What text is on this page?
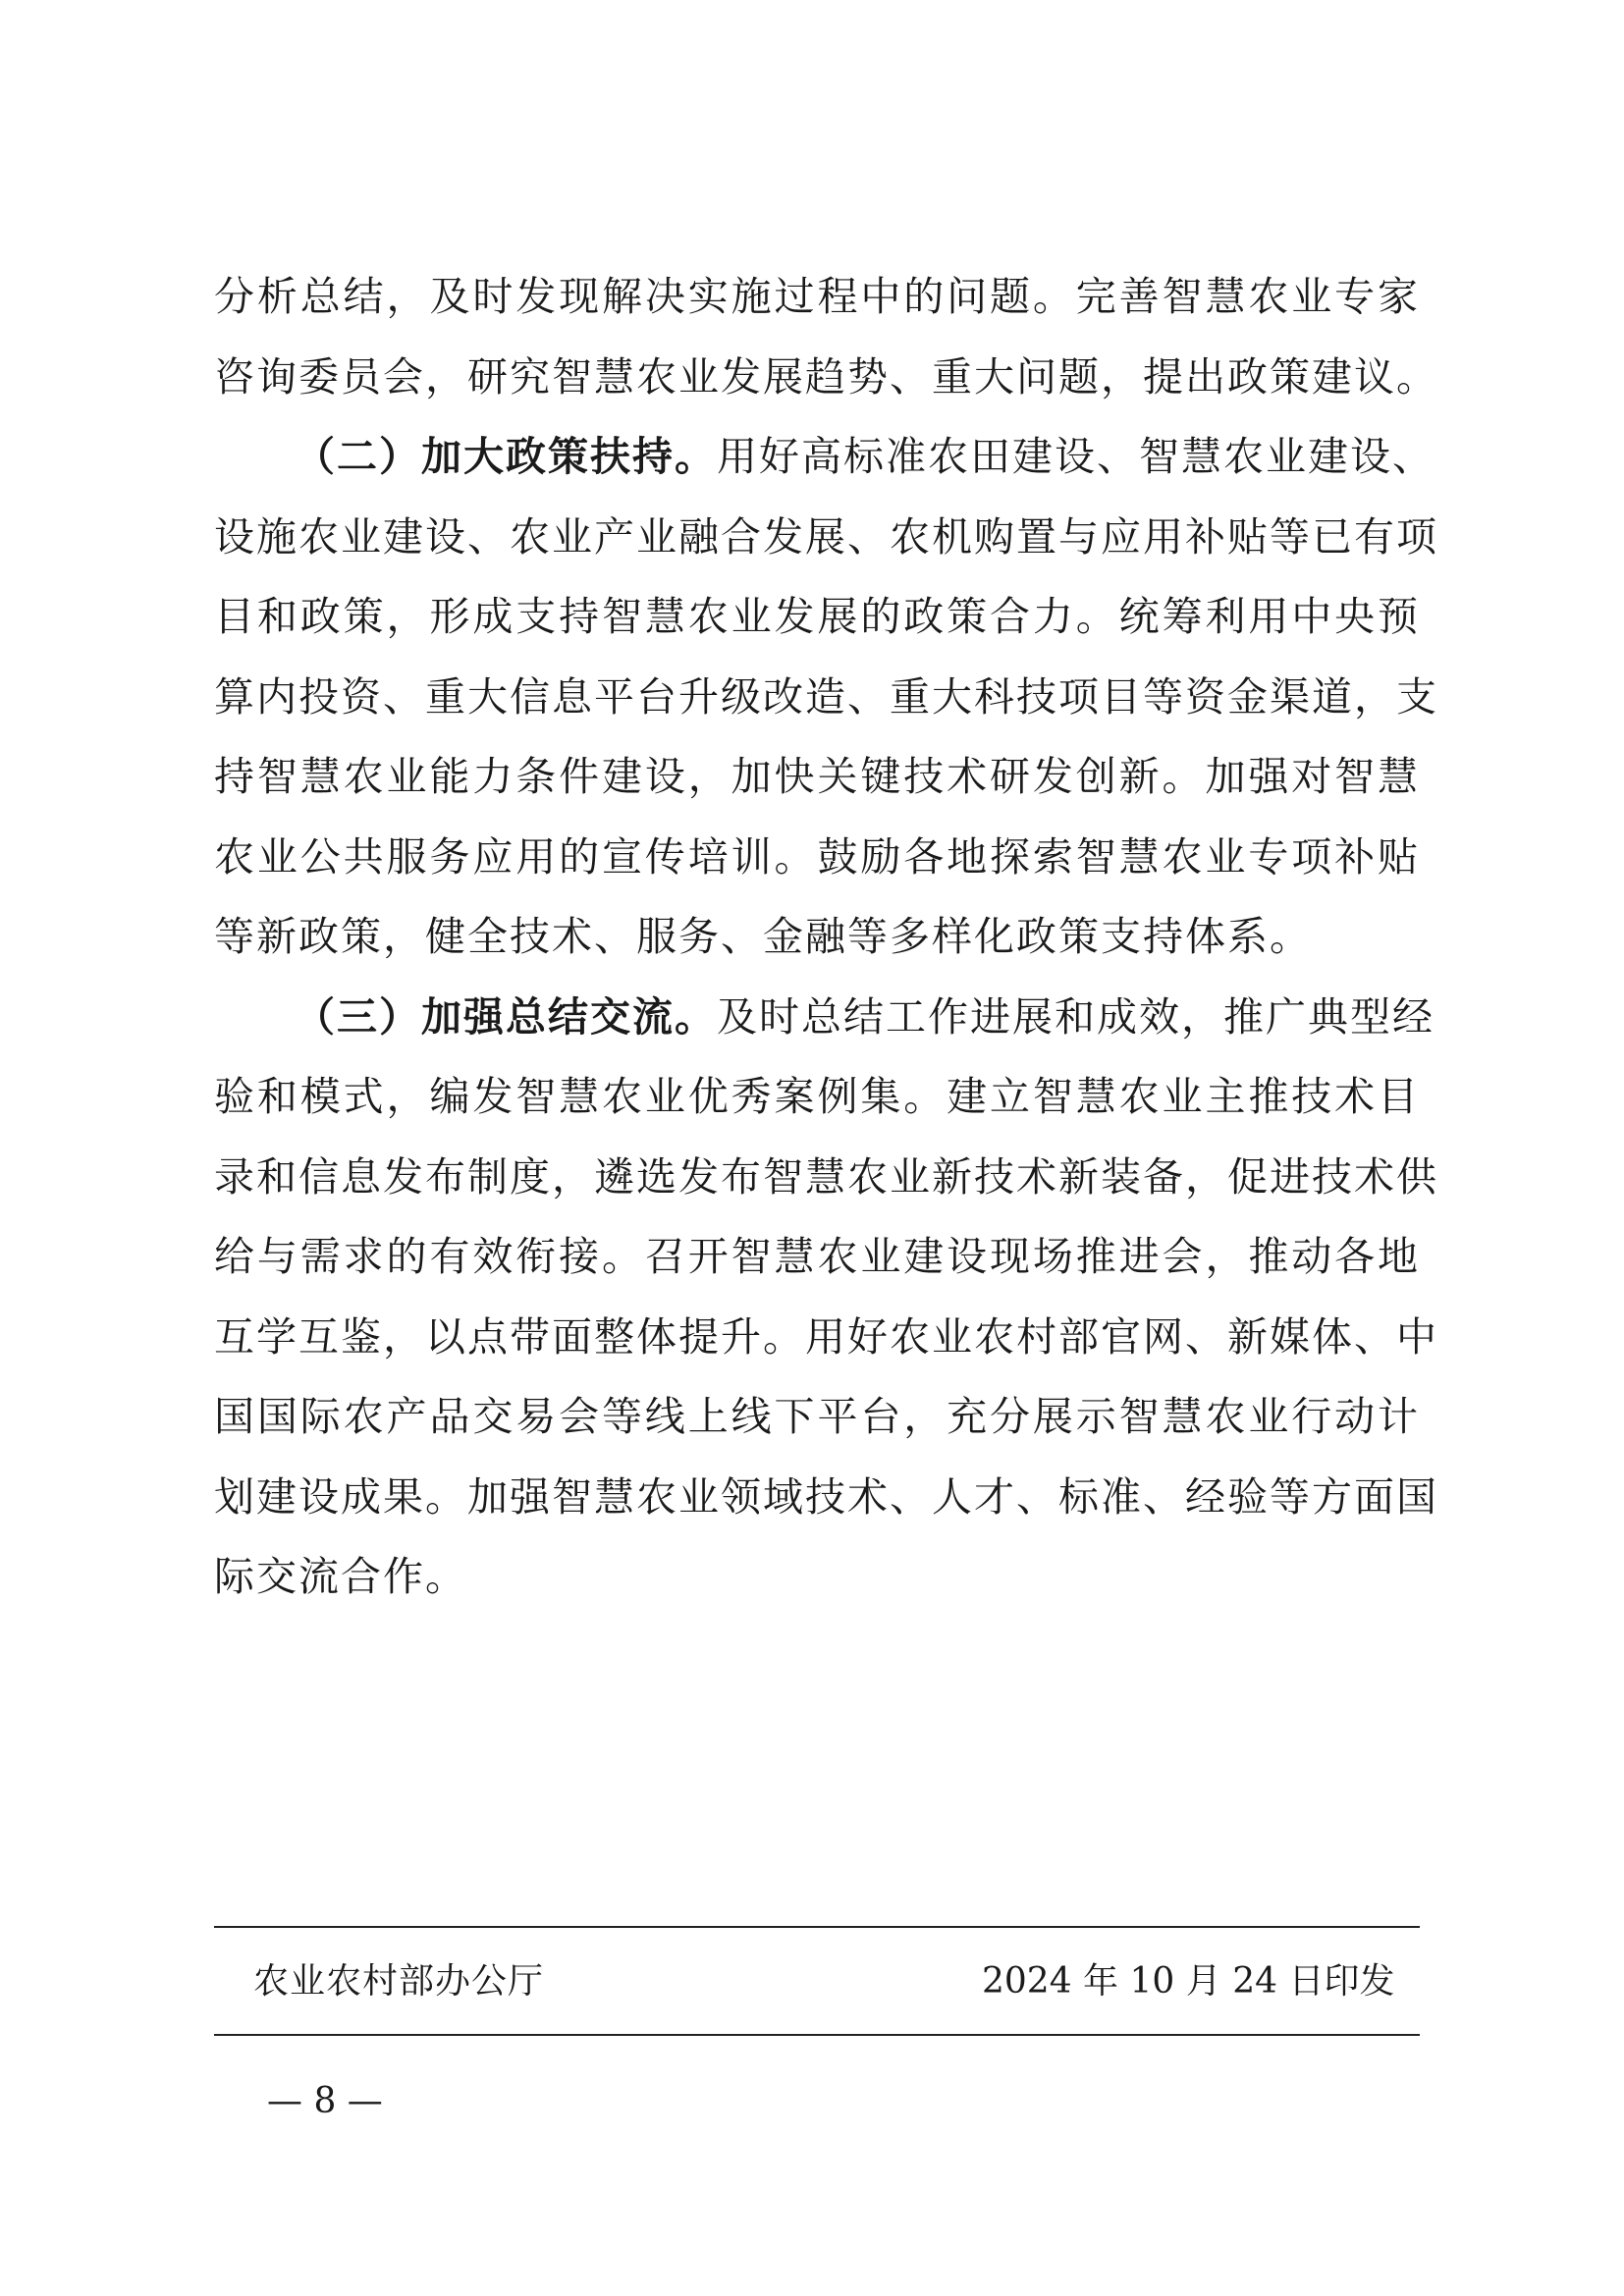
分析总结，及时发现解决实施过程中的问题。完善智慧农业专家
咨询委员会，研究智慧农业发展趋势、重大问题，提出政策建议。
（二）加大政策扶持。用好高标准农田建设、智慧农业建设、
设施农业建设、农业产业融合发展、农机购置与应用补贴等已有项
目和政策，形成支持智慧农业发展的政策合力。统筹利用中央预
算内投资、重大信息平台升级改造、重大科技项目等资金渠道，支
持智慧农业能力条件建设，加快关键技术研发创新。加强对智慧
农业公共服务应用的宣传培训。鼓励各地探索智慧农业专项补贴
等新政策，健全技术、服务、金融等多样化政策支持体系。
（三）加强总结交流。及时总结工作进展和成效，推广典型经
验和模式，编发智慧农业优秀案例集。建立智慧农业主推技术目
录和信息发布制度，遴选发布智慧农业新技术新装备，促进技术供
给与需求的有效衔接。召开智慧农业建设现场推进会，推动各地
互学互鉴，以点带面整体提升。用好农业农村部官网、新媒体、中
国国际农产品交易会等线上线下平台，充分展示智慧农业行动计
划建设成果。加强智慧农业领域技术、人才、标准、经验等方面国
际交流合作。
农业农村部办公厅	2024 年 10 月 24 日印发
— 8 —
